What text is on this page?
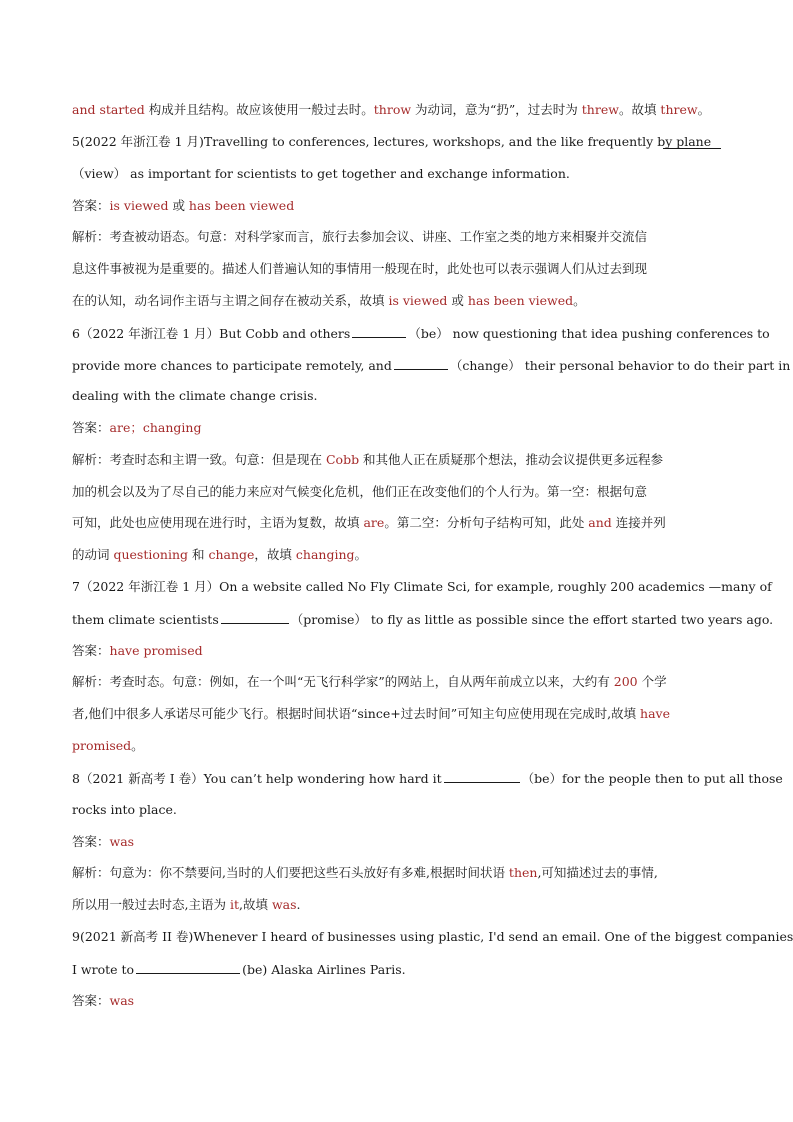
and started 构成并且结构。故应该使用一般过去时。throw 为动词，意为“扔”，过去时为 threw。故填 threw。
5(2022 年浙江卷 1 月)Travelling to conferences, lectures, workshops, and the like frequently by plane
（view） as important for scientists to get together and exchange information.
答案：is viewed 或 has been viewed
解析：考查被动语态。句意：对科学家而言，旅行去参加会议、讲座、工作室之类的地方来相聚并交流信
息这件事被视为是重要的。描述人们普遍认知的事情用一般现在时，此处也可以表示强调人们从过去到现
在的认知，动名词作主语与主谓之间存在被动关系，故填 is viewed 或 has been viewed。
6（2022 年浙江卷 1 月）But Cobb and others	（be） now questioning that idea pushing conferences to
provide more chances to participate remotely, and	（change） their personal behavior to do their part in
dealing with the climate change crisis.
答案：are；changing
解析：考查时态和主谓一致。句意：但是现在 Cobb 和其他人正在质疑那个想法，推动会议提供更多远程参
加的机会以及为了尽自己的能力来应对气候变化危机，他们正在改变他们的个人行为。第一空：根据句意
可知，此处也应使用现在进行时，主语为复数，故填 are。第二空：分析句子结构可知，此处 and 连接并列
的动词 questioning 和 change，故填 changing。
7（2022 年浙江卷 1 月）On a website called No Fly Climate Sci, for example, roughly 200 academics —many of
them climate scientists	（promise） to fly as little as possible since the effort started two years ago.
答案：have promised
解析：考查时态。句意：例如，在一个叫“无飞行科学家”的网站上，自从两年前成立以来，大约有 200 个学
者,他们中很多人承诺尽可能少飞行。根据时间状语“since+过去时间”可知主句应使用现在完成时,故填 have
promised。
8（2021 新高考 I 卷）You can’t help wondering how hard it	（be）for the people then to put all those
rocks into place.
答案：was
解析：句意为：你不禁要问,当时的人们要把这些石头放好有多难,根据时间状语 then,可知描述过去的事情,
所以用一般过去时态,主语为 it,故填 was.
9(2021 新高考 II 卷)Whenever I heard of businesses using plastic, I'd send an email. One of the biggest companies
I wrote to	(be) Alaska Airlines Paris.
答案：was
